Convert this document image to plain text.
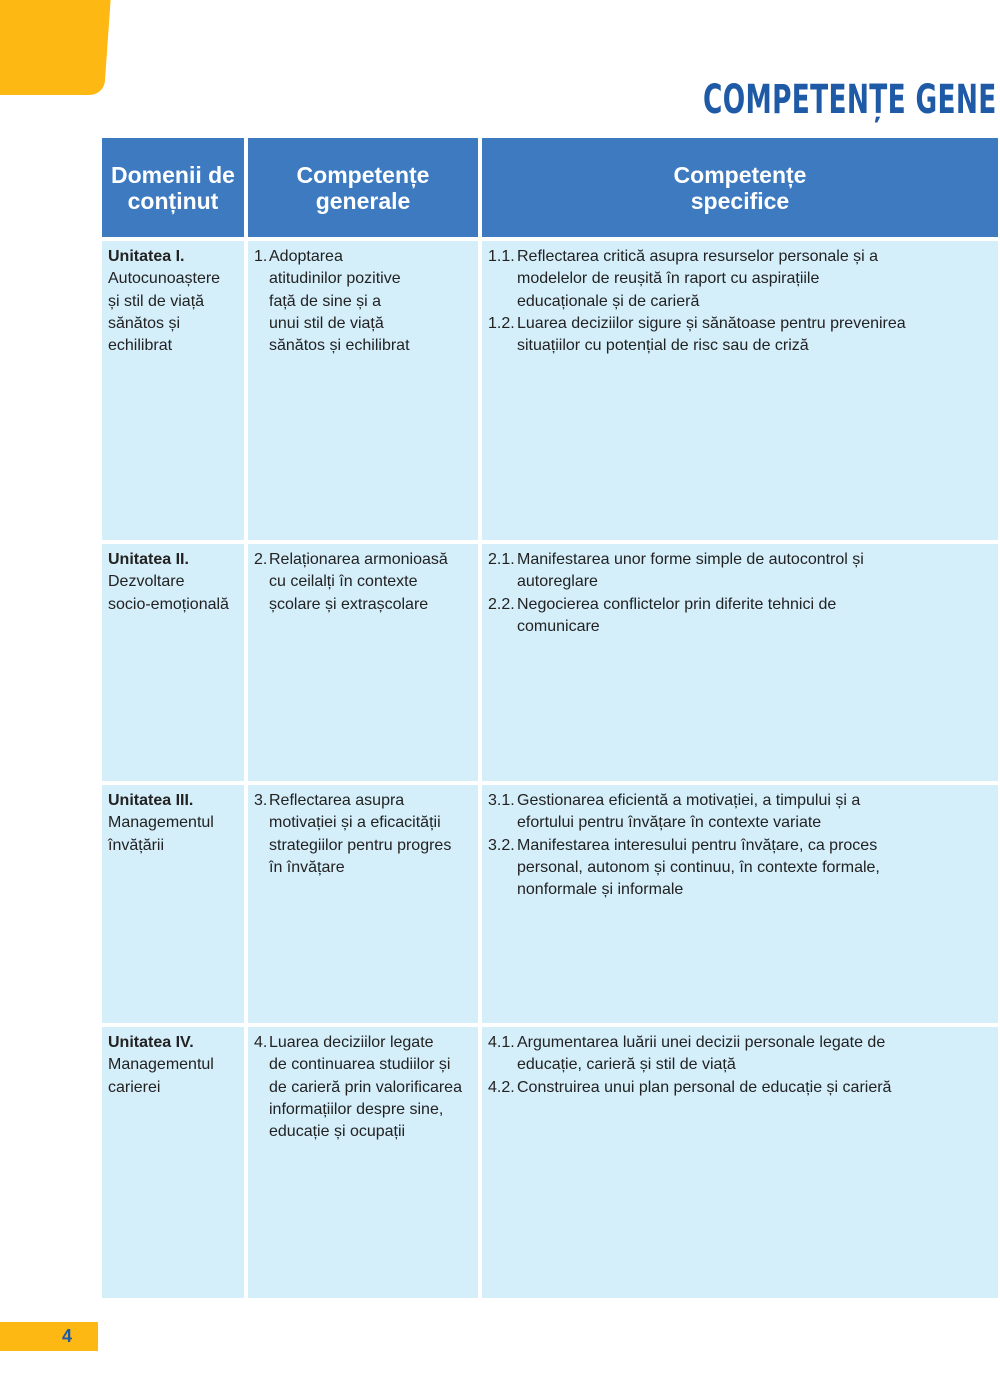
COMPETENȚE GENE
Domenii de
conținut
Competențe
generale
Competențe
specifice
Unitatea I.
Autocunoaștere
și stil de viață
sănătos și
echilibrat
1. Adoptarea
atitudinilor pozitive
față de sine și a
unui stil de viață
sănătos și echilibrat
1.1. Reflectarea critică asupra resurselor personale și a
modelelor de reușită în raport cu aspirațiile
educaționale și de carieră
1.2. Luarea deciziilor sigure și sănătoase pentru prevenirea
situațiilor cu potențial de risc sau de criză
Unitatea II.
Dezvoltare
socio-emoțională
2. Relaționarea armonioasă
cu ceilalți în contexte
școlare și extrașcolare
2.1. Manifestarea unor forme simple de autocontrol și
autoreglare
2.2. Negocierea conflictelor prin diferite tehnici de
comunicare
Unitatea III.
Managementul
învățării
3. Reflectarea asupra
motivației și a eficacității
strategiilor pentru progres
în învățare
3.1. Gestionarea eficientă a motivației, a timpului și a
efortului pentru învățare în contexte variate
3.2. Manifestarea interesului pentru învățare, ca proces
personal, autonom și continuu, în contexte formale,
nonformale și informale
Unitatea IV.
Managementul
carierei
4. Luarea deciziilor legate
de continuarea studiilor și
de carieră prin valorificarea
informațiilor despre sine,
educație și ocupații
4.1. Argumentarea luării unei decizii personale legate de
educație, carieră și stil de viață
4.2. Construirea unui plan personal de educație și carieră
4
